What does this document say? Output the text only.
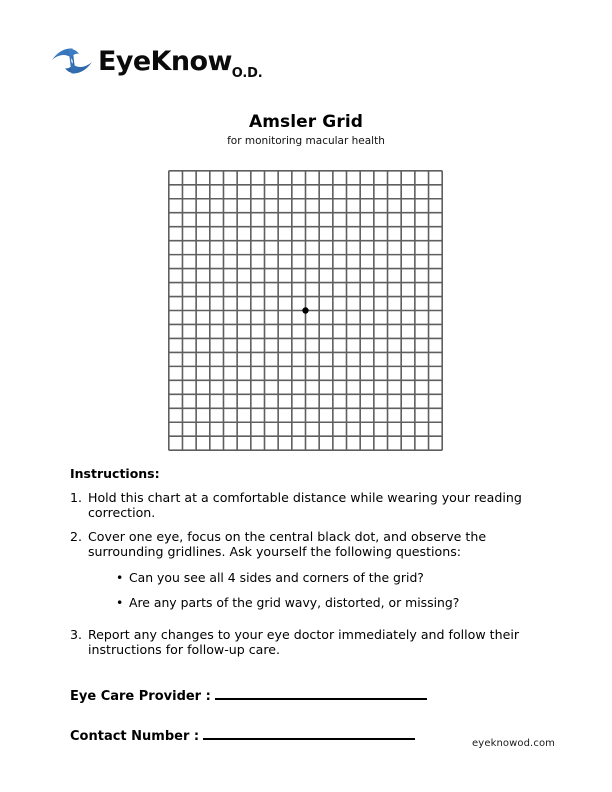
EyeKnow O.D.
Amsler Grid

for monitoring macular health

Instructions:
1. Hold this chart at a comfortable distance while wearing your reading correction.
2. Cover one eye, focus on the central black dot, and observe the surrounding gridlines. Ask yourself the following questions:
• Can you see all 4 sides and corners of the grid?
• Are any parts of the grid wavy, distorted, or missing?
3. Report any changes to your eye doctor immediately and follow their instructions for follow-up care.
Eye Care Provider :
Contact Number :	eyeknowod.com
